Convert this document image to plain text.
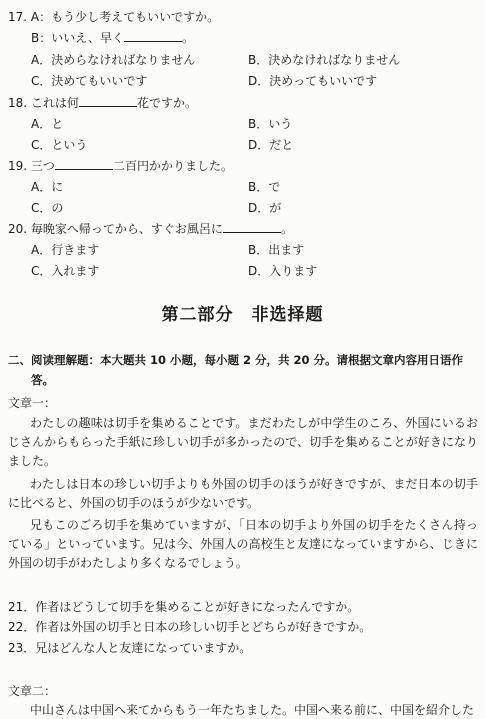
17. A：もう少し考えてもいいですか。
B：いいえ、早く	。
A．決めらなければなりません	B．決めなければなりません
C．決めてもいいです	D．決めってもいいです
18. これは何	花ですか。
A．と	B．いう
C．という	D．だと
19. 三つ	二百円かかりました。
A．に	B．で
C．の	D．が
20. 毎晩家へ帰ってから、すぐお風呂に	。
A．行きます	B．出ます
C．入れます	D．入ります
第二部分　非选择题
二、阅读理解题：本大题共 10 小题，每小题 2 分，共 20 分。请根据文章内容用日语作
答。
文章一：
わたしの趣味は切手を集めることです。まだわたしが中学生のころ、外国にいるおじさんからもらった手紙に珍しい切手が多かったので、切手を集めることが好きになりました。
わたしは日本の珍しい切手よりも外国の切手のほうが好きですが、まだ日本の切手に比べると、外国の切手のほうが少ないです。
兄もこのごろ切手を集めていますが、「日本の切手より外国の切手をたくさん持っている」といっています。兄は今、外国人の高校生と友達になっていますから、じきに外国の切手がわたしより多くなるでしょう。
21．作者はどうして切手を集めることが好きになったんですか。
22．作者は外国の切手と日本の珍しい切手とどちらが好きですか。
23．兄はどんな人と友達になっていますか。
文章二：
中山さんは中国へ来てからもう一年たちました。中国へ来る前に、中国を紹介した
